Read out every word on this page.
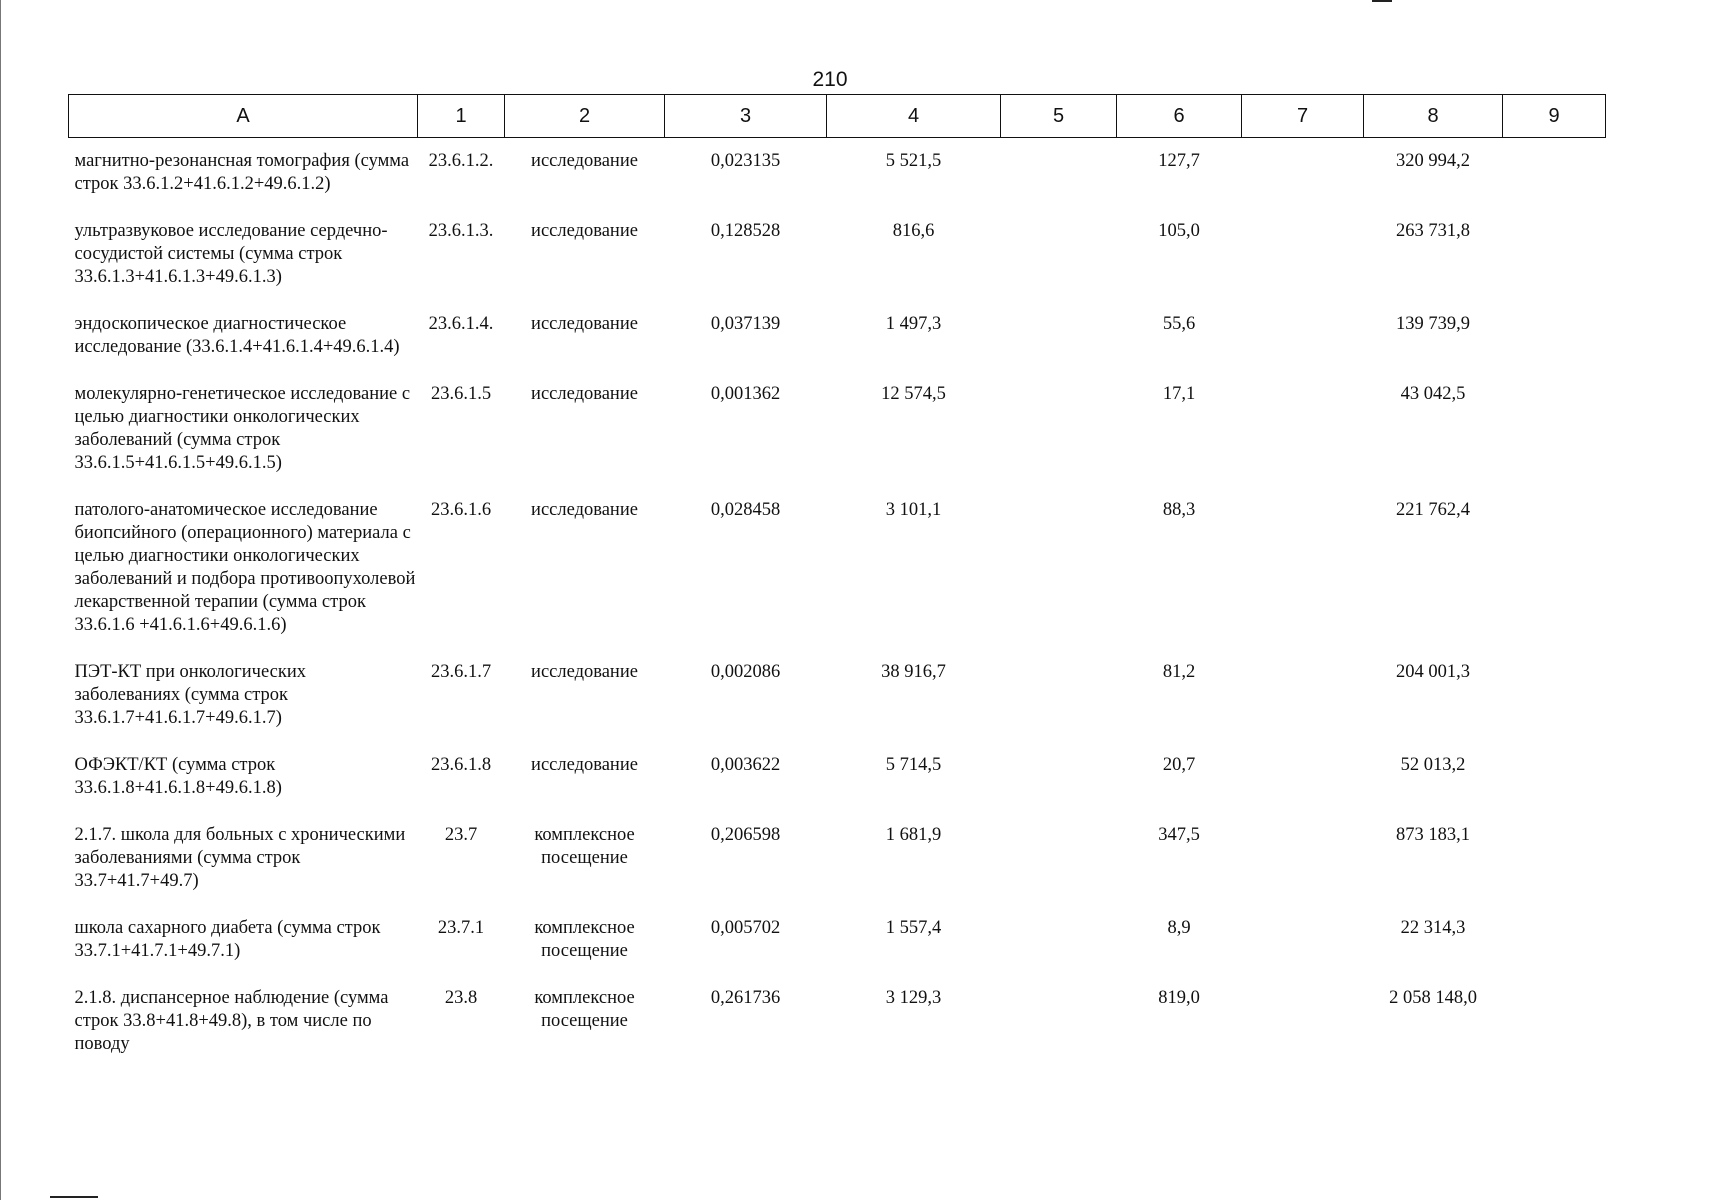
210
А	1	2	3	4	5	6	7	8	9
магнитно-резонансная томография (сумма строк 33.6.1.2+41.6.1.2+49.6.1.2)	23.6.1.2.	исследование	0,023135	5 521,5		127,7		320 994,2	
ультразвуковое исследование сердечно-сосудистой системы (сумма строк 33.6.1.3+41.6.1.3+49.6.1.3)	23.6.1.3.	исследование	0,128528	816,6		105,0		263 731,8	
эндоскопическое диагностическое исследование (33.6.1.4+41.6.1.4+49.6.1.4)	23.6.1.4.	исследование	0,037139	1 497,3		55,6		139 739,9	
молекулярно-генетическое исследование с целью диагностики онкологических заболеваний (сумма строк 33.6.1.5+41.6.1.5+49.6.1.5)	23.6.1.5	исследование	0,001362	12 574,5		17,1		43 042,5	
патолого-анатомическое исследование биопсийного (операционного) материала с целью диагностики онкологических заболеваний и подбора противоопухолевой лекарственной терапии (сумма строк 33.6.1.6 +41.6.1.6+49.6.1.6)	23.6.1.6	исследование	0,028458	3 101,1		88,3		221 762,4	
ПЭТ-КТ при онкологических заболеваниях (сумма строк 33.6.1.7+41.6.1.7+49.6.1.7)	23.6.1.7	исследование	0,002086	38 916,7		81,2		204 001,3	
ОФЭКТ/КТ (сумма строк 33.6.1.8+41.6.1.8+49.6.1.8)	23.6.1.8	исследование	0,003622	5 714,5		20,7		52 013,2	
2.1.7. школа для больных с хроническими заболеваниями (сумма строк 33.7+41.7+49.7)	23.7	комплексное посещение	0,206598	1 681,9		347,5		873 183,1	
школа сахарного диабета (сумма строк 33.7.1+41.7.1+49.7.1)	23.7.1	комплексное посещение	0,005702	1 557,4		8,9		22 314,3	
2.1.8. диспансерное наблюдение (сумма строк 33.8+41.8+49.8), в том числе по поводу	23.8	комплексное посещение	0,261736	3 129,3		819,0		2 058 148,0	
